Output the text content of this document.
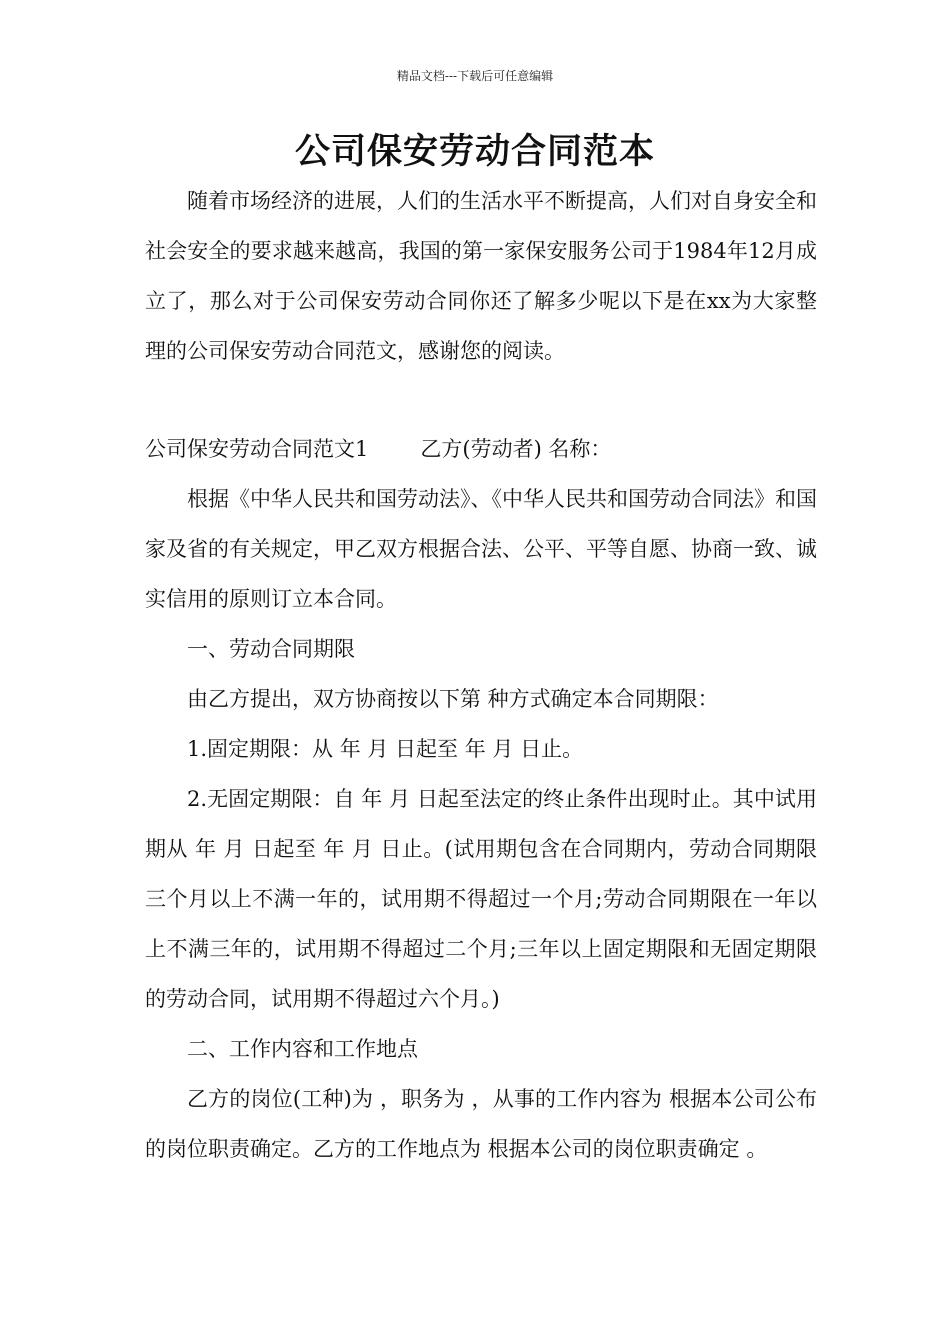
精品文档---下载后可任意编辑
公司保安劳动合同范本

随着市场经济的进展，人们的生活水平不断提高，人们对自身安全和社会安全的要求越来越高，我国的第一家保安服务公司于1984年12月成立了，那么对于公司保安劳动合同你还了解多少呢以下是在xx为大家整理的公司保安劳动合同范文，感谢您的阅读。

公司保安劳动合同范文1 乙方(劳动者) 名称：

根据《中华人民共和国劳动法》、《中华人民共和国劳动合同法》和国家及省的有关规定，甲乙双方根据合法、公平、平等自愿、协商一致、诚实信用的原则订立本合同。

一、劳动合同期限

由乙方提出，双方协商按以下第 种方式确定本合同期限：

1.固定期限：从 年 月 日起至 年 月 日止。

2.无固定期限：自 年 月 日起至法定的终止条件出现时止。其中试用期从 年 月 日起至 年 月 日止。(试用期包含在合同期内，劳动合同期限三个月以上不满一年的，试用期不得超过一个月;劳动合同期限在一年以上不满三年的，试用期不得超过二个月;三年以上固定期限和无固定期限的劳动合同，试用期不得超过六个月。)

二、工作内容和工作地点

乙方的岗位(工种)为 ，职务为 ，从事的工作内容为 根据本公司公布的岗位职责确定。乙方的工作地点为 根据本公司的岗位职责确定 。
